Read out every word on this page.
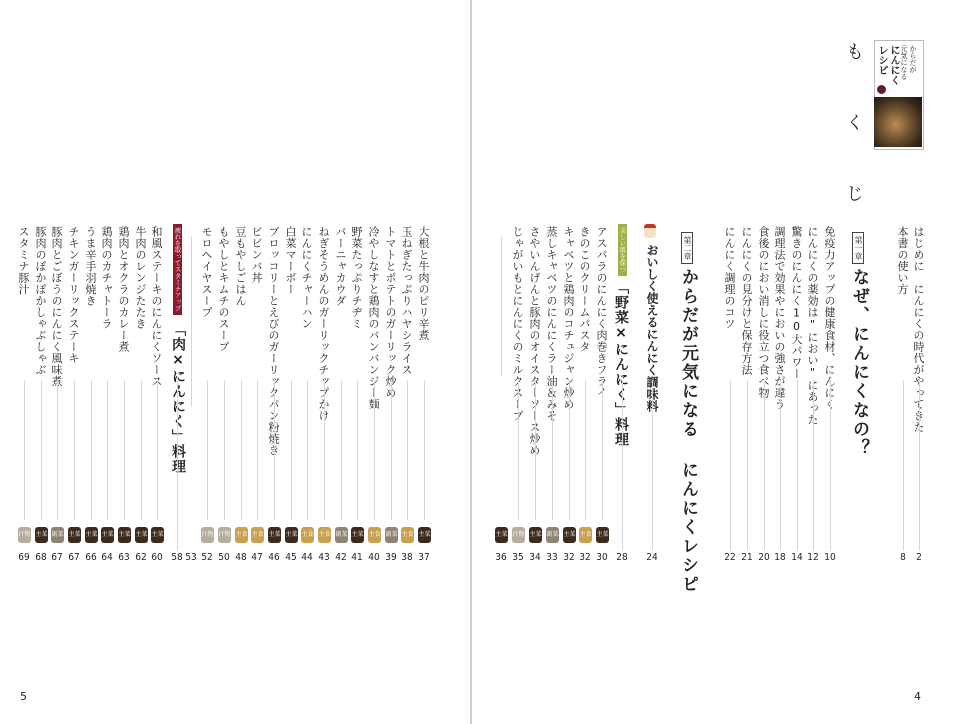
からだが
元気になる
にんにく
レシピ
も く じ
第一章
なぜ、にんにくなの？
第二章
からだが元気になる にんにくレシピ
おいしく使えるにんにく調味料
美しい肌を保つ
「野菜×にんにく」料理
4
疲れを取ってスタミナアップ
「肉×にんにく」料理
5
はじめに　にんにくの時代がやってきた
2
本書の使い方
8
免疫力アップの健康食材、にんにく
10
にんにくの薬効は"におい"にあった
12
驚きのにんにく10大パワー
14
調理法で効果やにおいの強さが違う
18
食後のにおい消しに役立つ食べ物
20
にんにくの見分けと保存方法
21
にんにく調理のコツ
22
24
28
アスパラのにんにく肉巻きフライ
主菜
30
きのこのクリームパスタ
主食
32
キャベツと鶏肉のコチュジャン炒め
主菜
32
蒸しキャベツのにんにくラー油＆みそ
副菜
33
さやいんげんと豚肉のオイスターソース炒め
主菜
34
じゃがいもとにんにくのミルクスープ
汁物
35
主菜
36
大根と牛肉のピリ辛煮
主菜
37
玉ねぎたっぷりハヤシライス
主食
38
トマトとポテトのガーリック炒め
副菜
39
冷やしなすと鶏肉のバンバンジー麺
主食
40
野菜たっぷりチヂミ
主菜
41
バーニャカウダ
副菜
42
ねぎそうめんのガーリックチップかけ
主食
43
にんにくチャーハン
主食
44
白菜マーボー
主菜
45
ブロッコリーとえびのガーリックパン粉焼き
主菜
46
ビビンバ丼
主食
47
豆もやしごはん
主食
48
もやしとキムチのスープ
汁物
50
モロヘイヤスープ
汁物
52
53
58
和風ステーキのにんにくソース
主菜
60
牛肉のレンジたたき
主菜
62
鶏肉とオクラのカレー煮
主菜
63
鶏肉のカチャトーラ
主菜
64
うま辛手羽焼き
主菜
66
チキンガーリックステーキ
主菜
67
豚肉とごぼうのにんにく風味煮
副菜
67
豚肉のぽかぽかしゃぶしゃぶ
主菜
68
スタミナ豚汁
汁物
69
